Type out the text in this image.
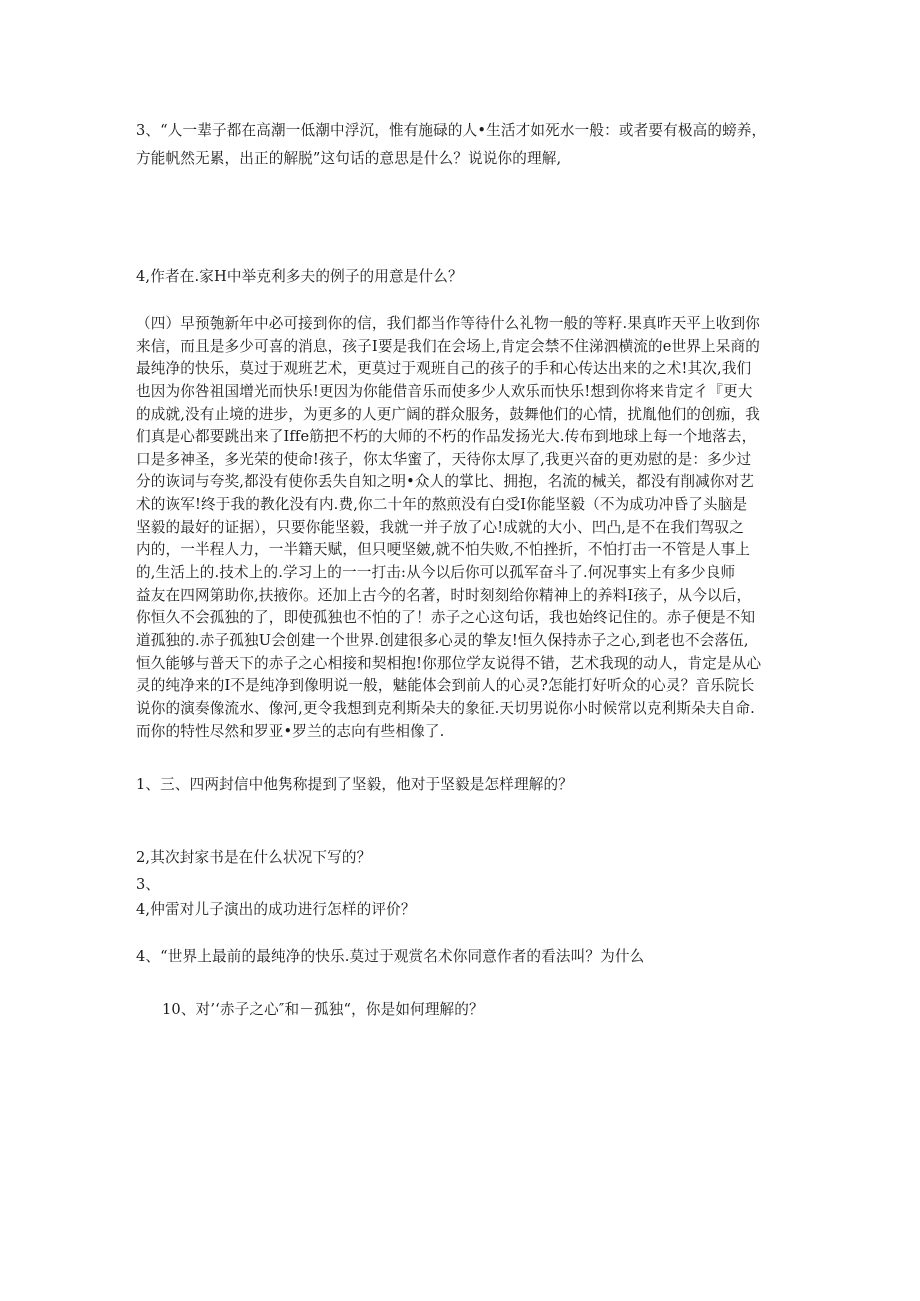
3、“人一辈子都在高潮一低潮中浮沉，惟有施碌的人•生活才如死水一般：或者要有极高的螃养，
方能帆然无累，出正的解脱”这句话的意思是什么？说说你的理解,
4,作者在.家H中举克利多夫的例子的用意是什么？
（四）早预匏新年中必可接到你的信，我们都当作等待什么礼物一般的等籽.果真昨天平上收到你
来信，而且是多少可喜的消息，孩子I要是我们在会场上,肯定会禁不住涕泗横流的e世界上呆商的
最纯净的快乐，莫过于观班艺术，更莫过于观班自己的孩子的手和心传达出来的之术!其次,我们
也因为你咎祖国增光而快乐!更因为你能借音乐而使多少人欢乐而快乐!想到你将来肯定彳『更大
的成就,没有止境的进步，为更多的人更广阔的群众服务，鼓舞他们的心情，扰胤他们的创痂，我
们真是心都要跳出来了Iffe筋把不朽的大师的不朽的作品发扬光大.传布到地球上每一个地落去，
口是多神圣，多光荣的使命!孩子，你太华蜜了，天待你太厚了,我更兴奋的更劝慰的是：多少过
分的诙词与夸奖,都没有使你丢失自知之明•众人的掌比、拥抱，名流的械关，都没有削减你对艺
术的诙军!终于我的教化没有内.费,你二十年的熬煎没有白受I你能坚毅（不为成功冲昏了头脑是
坚毅的最好的证据），只要你能坚毅，我就一并子放了心!成就的大小、凹凸,是不在我们驾驭之
内的，一半程人力，一半籍天赋，但只哽坚皴,就不怕失败,不怕挫折，不怕打击一不管是人事上
的,生活上的.技术上的.学习上的一一打击:从今以后你可以孤军奋斗了.何况事实上有多少良师
益友在四网第助你,扶掖你。还加上古今的名著，时时刻刻给你精神上的养料I孩子，从今以后，
你恒久不会孤独的了，即使孤独也不怕的了！赤子之心这句话，我也始终记住的。赤子便是不知
道孤独的.赤子孤独U会创建一个世界.创建很多心灵的挚友!恒久保持赤子之心,到老也不会落伍,
恒久能够与普天下的赤子之心相接和契相抱!你那位学友说得不错，艺术我现的动人，肯定是从心
灵的纯净来的I不是纯净到像明说一般，魅能体会到前人的心灵?怎能打好听众的心灵？音乐院长
说你的演奏像流水、像河,更令我想到克利斯朵夫的象征.天切男说你小时候常以克利斯朵夫自命.
而你的特性尽然和罗亚•罗兰的志向有些相像了.
1、三、四两封信中他隽称提到了坚毅，他对于坚毅是怎样理解的？
2,其次封家书是在什么状况下写的？
3、
4,仲雷对儿子演出的成功进行怎样的评价？
4、“世界上最前的最纯净的快乐.莫过于观赏名术你同意作者的看法叫？为什么
10、对’‘赤子之心″和－孤独“，你是如何理解的？
